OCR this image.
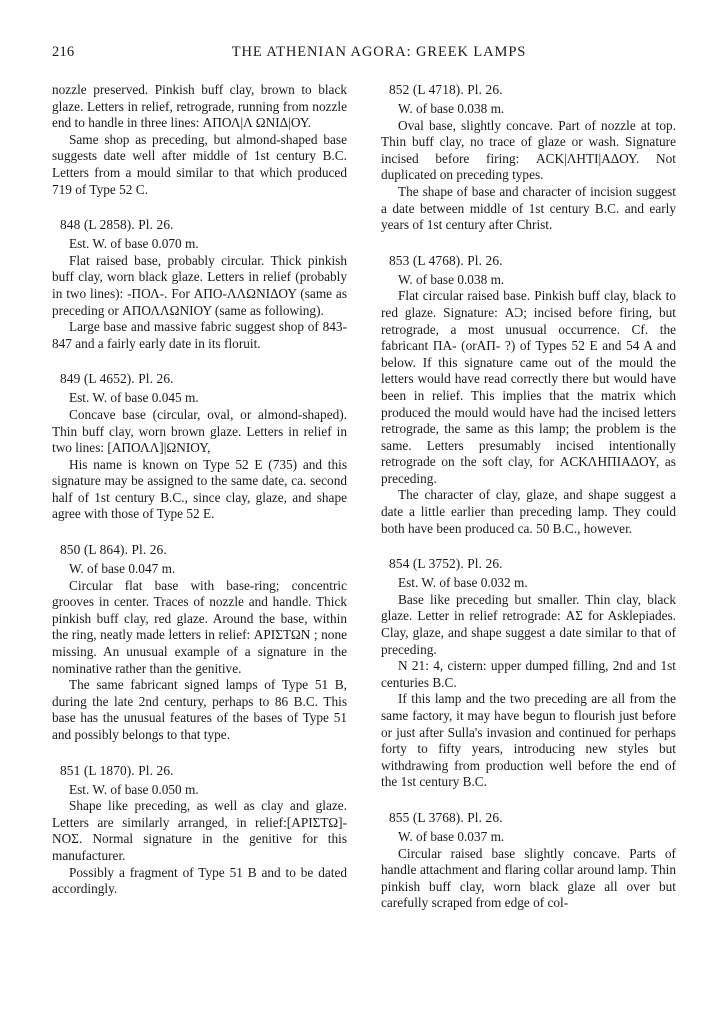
216	THE ATHENIAN AGORA: GREEK LAMPS

nozzle preserved. Pinkish buff clay, brown to black glaze. Letters in relief, retrograde, running from nozzle end to handle in three lines: ΑΠΟΛ|Λ ΩΝΙΔ|ΟΥ.

Same shop as preceding, but almond-shaped base suggests date well after middle of 1st century B.C. Letters from a mould similar to that which produced 719 of Type 52 C.

848 (L 2858). Pl. 26.

Est. W. of base 0.070 m.

Flat raised base, probably circular. Thick pinkish buff clay, worn black glaze. Letters in relief (probably in two lines): -ΠΟΛ-. For ΑΠΟ-ΛΛΩΝΙΔΟΥ (same as preceding or ΑΠΟΛΛΩΝΙΟΥ (same as following).

Large base and massive fabric suggest shop of 843-847 and a fairly early date in its floruit.

849 (L 4652). Pl. 26.

Est. W. of base 0.045 m.

Concave base (circular, oval, or almond-shaped). Thin buff clay, worn brown glaze. Letters in relief in two lines: [ΑΠΟΛΛ]|ΩΝΙΟΥ,

His name is known on Type 52 E (735) and this signature may be assigned to the same date, ca. second half of 1st century B.C., since clay, glaze, and shape agree with those of Type 52 E.

850 (L 864). Pl. 26.

W. of base 0.047 m.

Circular flat base with base-ring; concentric grooves in center. Traces of nozzle and handle. Thick pinkish buff clay, red glaze. Around the base, within the ring, neatly made letters in relief: ΑΡΙΣΤΩΝ ; none missing. An unusual example of a signature in the nominative rather than the genitive.

The same fabricant signed lamps of Type 51 B, during the late 2nd century, perhaps to 86 B.C. This base has the unusual features of the bases of Type 51 and possibly belongs to that type.

851 (L 1870). Pl. 26.

Est. W. of base 0.050 m.

Shape like preceding, as well as clay and glaze. Letters are similarly arranged, in relief:[ΑΡΙΣΤΩ]-ΝΟΣ. Normal signature in the genitive for this manufacturer.

Possibly a fragment of Type 51 B and to be dated accordingly.

852 (L 4718). Pl. 26.

W. of base 0.038 m.

Oval base, slightly concave. Part of nozzle at top. Thin buff clay, no trace of glaze or wash. Signature incised before firing: ΑCΚ|ΛΗΤΙ|ΑΔΟΥ. Not duplicated on preceding types.

The shape of base and character of incision suggest a date between middle of 1st century B.C. and early years of 1st century after Christ.

853 (L 4768). Pl. 26.

W. of base 0.038 m.

Flat circular raised base. Pinkish buff clay, black to red glaze. Signature: ΑϽ; incised before firing, but retrograde, a most unusual occurrence. Cf. the fabricant ΠΑ- (orΑΠ- ?) of Types 52 E and 54 A and below. If this signature came out of the mould the letters would have read correctly there but would have been in relief. This implies that the matrix which produced the mould would have had the incised letters retrograde, the same as this lamp; the problem is the same. Letters presumably incised intentionally retrograde on the soft clay, for ΑCΚΛΗΠΙΑΔΟΥ, as preceding.

The character of clay, glaze, and shape suggest a date a little earlier than preceding lamp. They could both have been produced ca. 50 B.C., however.

854 (L 3752). Pl. 26.

Est. W. of base 0.032 m.

Base like preceding but smaller. Thin clay, black glaze. Letter in relief retrograde: ΑΣ for Asklepiades. Clay, glaze, and shape suggest a date similar to that of preceding.

N 21: 4, cistern: upper dumped filling, 2nd and 1st centuries B.C.

If this lamp and the two preceding are all from the same factory, it may have begun to flourish just before or just after Sulla's invasion and continued for perhaps forty to fifty years, introducing new styles but withdrawing from production well before the end of the 1st century B.C.

855 (L 3768). Pl. 26.

W. of base 0.037 m.

Circular raised base slightly concave. Parts of handle attachment and flaring collar around lamp. Thin pinkish buff clay, worn black glaze all over but carefully scraped from edge of col-
